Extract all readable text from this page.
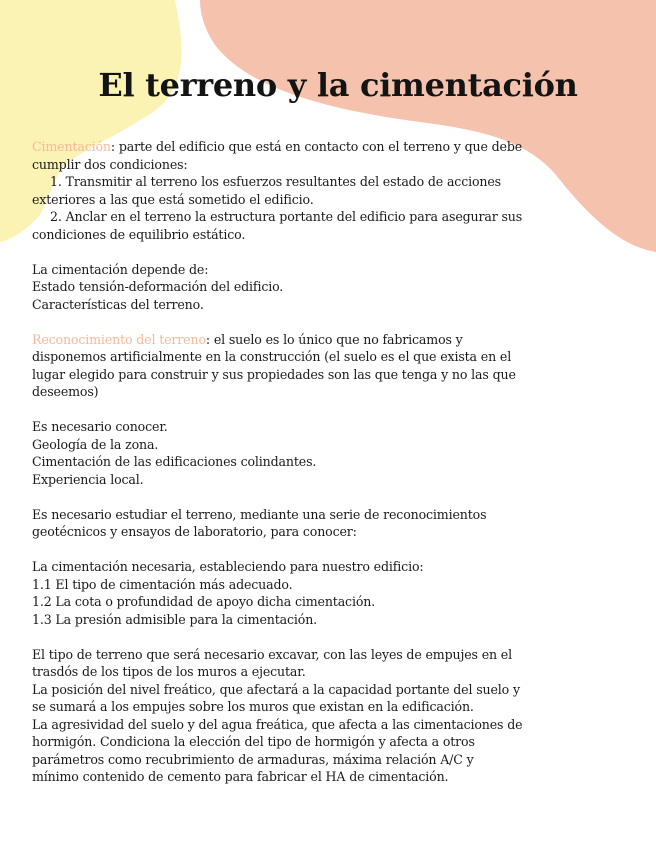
El terreno y la cimentación

Cimentación: parte del edificio que está en contacto con el terreno y que debe

cumplir dos condiciones:

1. Transmitir al terreno los esfuerzos resultantes del estado de acciones

exteriores a las que está sometido el edificio.

2. Anclar en el terreno la estructura portante del edificio para asegurar sus

condiciones de equilibrio estático.

La cimentación depende de:

Estado tensión-deformación del edificio.

Características del terreno.

Reconocimiento del terreno: el suelo es lo único que no fabricamos y

disponemos artificialmente en la construcción (el suelo es el que exista en el

lugar elegido para construir y sus propiedades son las que tenga y no las que

deseemos)

Es necesario conocer.

Geología de la zona.

Cimentación de las edificaciones colindantes.

Experiencia local.

Es necesario estudiar el terreno, mediante una serie de reconocimientos

geotécnicos y ensayos de laboratorio, para conocer:

La cimentación necesaria, estableciendo para nuestro edificio:

1.1 El tipo de cimentación más adecuado.

1.2 La cota o profundidad de apoyo dicha cimentación.

1.3 La presión admisible para la cimentación.

El tipo de terreno que será necesario excavar, con las leyes de empujes en el

trasdós de los tipos de los muros a ejecutar.

La posición del nivel freático, que afectará a la capacidad portante del suelo y

se sumará a los empujes sobre los muros que existan en la edificación.

La agresividad del suelo y del agua freática, que afecta a las cimentaciones de

hormigón. Condiciona la elección del tipo de hormigón y afecta a otros

parámetros como recubrimiento de armaduras, máxima relación A/C y

mínimo contenido de cemento para fabricar el HA de cimentación.
